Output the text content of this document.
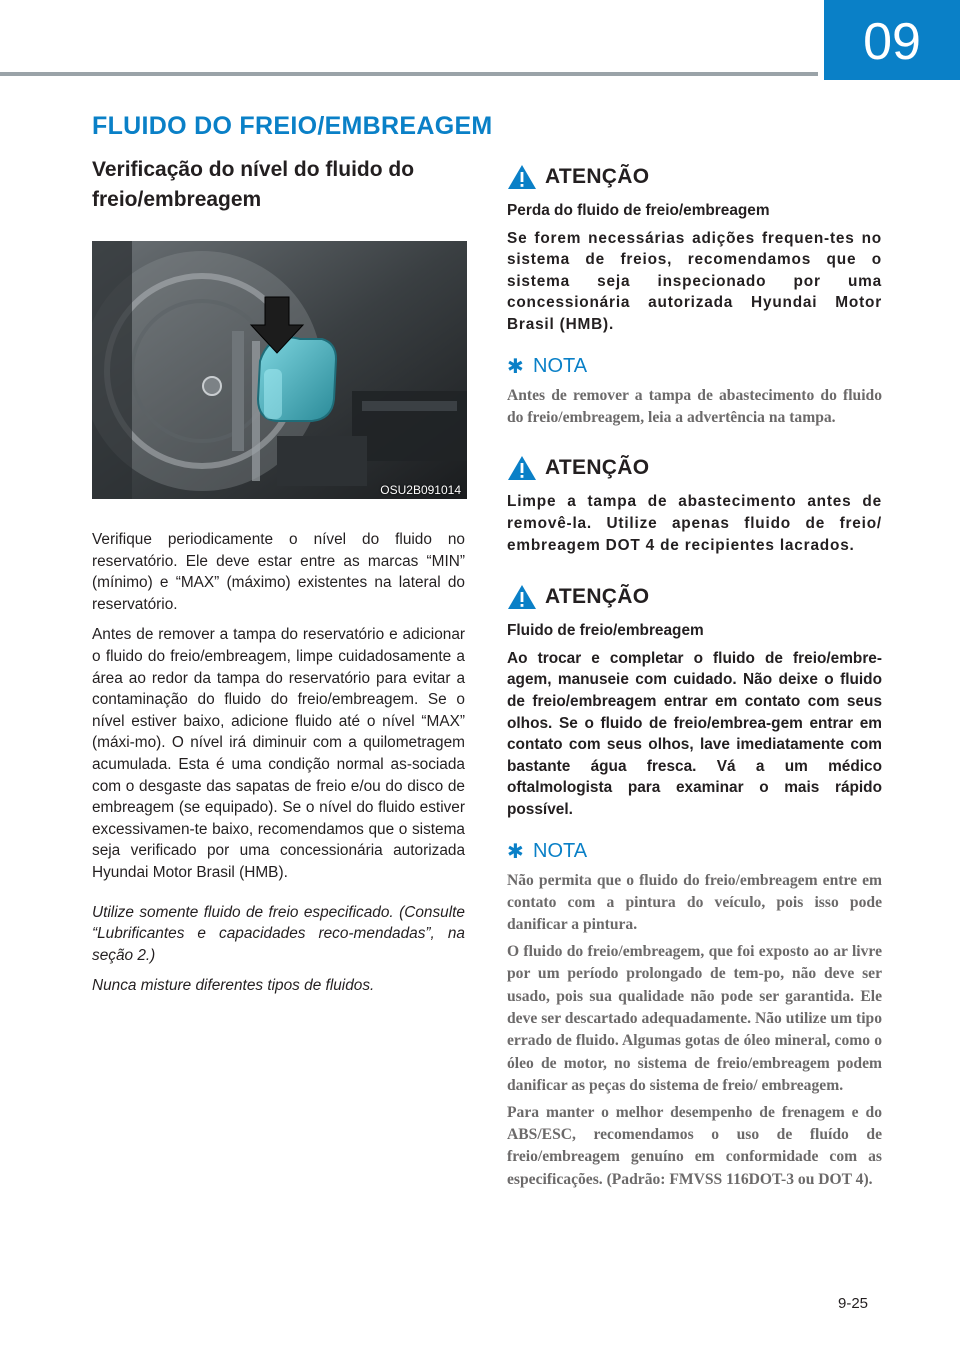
09
FLUIDO DO FREIO/EMBREAGEM
Verificação do nível do fluido do freio/embreagem
OSU2B091014

Verifique periodicamente o nível do fluido no reservatório. Ele deve estar entre as marcas “MIN” (mínimo) e “MAX” (máximo) existentes na lateral do reservatório.

Antes de remover a tampa do reservatório e adicionar o fluido do freio/embreagem, limpe cuidadosamente a área ao redor da tampa do reservatório para evitar a contaminação do fluido do freio/embreagem. Se o nível estiver baixo, adicione fluido até o nível “MAX” (máxi-mo). O nível irá diminuir com a quilometragem acumulada. Esta é uma condição normal as-sociada com o desgaste das sapatas de freio e/ou do disco de embreagem (se equipado). Se o nível do fluido estiver excessivamen-te baixo, recomendamos que o sistema seja verificado por uma concessionária autorizada Hyundai Motor Brasil (HMB).

Utilize somente fluido de freio especificado. (Consulte “Lubrificantes e capacidades reco-mendadas”, na seção 2.)

Nunca misture diferentes tipos de fluidos.

ATENÇÃO

Perda do fluido de freio/embreagem

Se forem necessárias adições frequen-tes no sistema de freios, recomendamos que o sistema seja inspecionado por uma concessionária autorizada Hyundai Motor Brasil (HMB).

✱ NOTA

Antes de remover a tampa de abastecimento do fluido do freio/embreagem, leia a advertência na tampa.

ATENÇÃO

Limpe a tampa de abastecimento antes de removê-la. Utilize apenas fluido de freio/ embreagem DOT 4 de recipientes lacrados.

ATENÇÃO

Fluido de freio/embreagem

Ao trocar e completar o fluido de freio/embre-agem, manuseie com cuidado. Não deixe o fluido de freio/embreagem entrar em contato com seus olhos. Se o fluido de freio/embrea-gem entrar em contato com seus olhos, lave imediatamente com bastante água fresca. Vá a um médico oftalmologista para examinar o mais rápido possível.

✱ NOTA

Não permita que o fluido do freio/embreagem entre em contato com a pintura do veículo, pois isso pode danificar a pintura.

O fluido do freio/embreagem, que foi exposto ao ar livre por um período prolongado de tem-po, não deve ser usado, pois sua qualidade não pode ser garantida. Ele deve ser descartado adequadamente. Não utilize um tipo errado de fluido. Algumas gotas de óleo mineral, como o óleo de motor, no sistema de freio/embreagem podem danificar as peças do sistema de freio/ embreagem.

Para manter o melhor desempenho de frenagem e do ABS/ESC, recomendamos o uso de fluído de freio/embreagem genuíno em conformidade com as especificações. (Padrão: FMVSS 116DOT-3 ou DOT 4).

9-25
